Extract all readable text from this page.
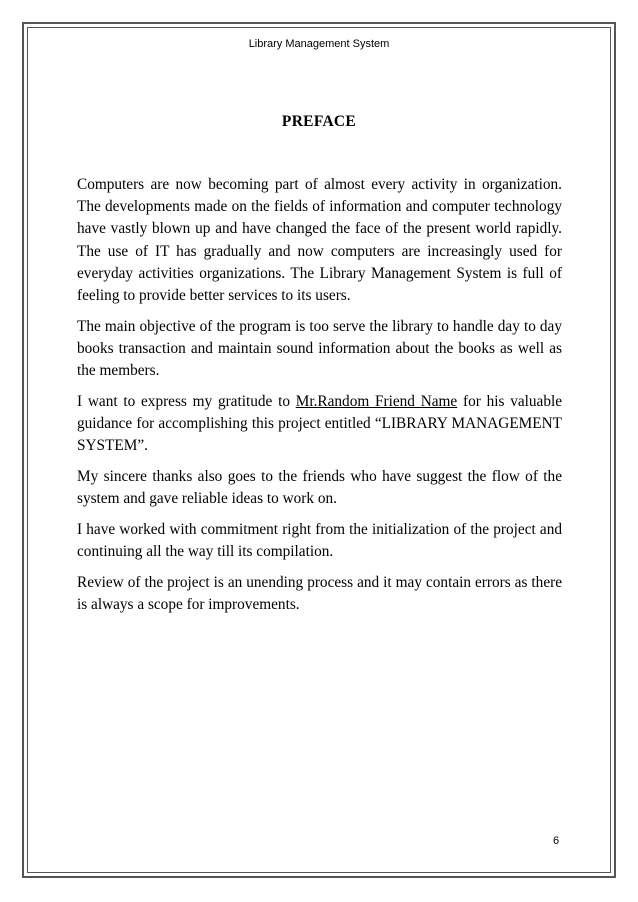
Library Management System
PREFACE

Computers are now becoming part of almost every activity in organization. The developments made on the fields of information and computer technology have vastly blown up and have changed the face of the present world rapidly. The use of IT has gradually and now computers are increasingly used for everyday activities organizations. The Library Management System is full of feeling to provide better services to its users.

The main objective of the program is too serve the library to handle day to day books transaction and maintain sound information about the books as well as the members.

I want to express my gratitude to Mr.Random Friend Name for his valuable guidance for accomplishing this project entitled “LIBRARY MANAGEMENT SYSTEM”.

My sincere thanks also goes to the friends who have suggest the flow of the system and gave reliable ideas to work on.

I have worked with commitment right from the initialization of the project and continuing all the way till its compilation.

Review of the project is an unending process and it may contain errors as there is always a scope for improvements.

6
